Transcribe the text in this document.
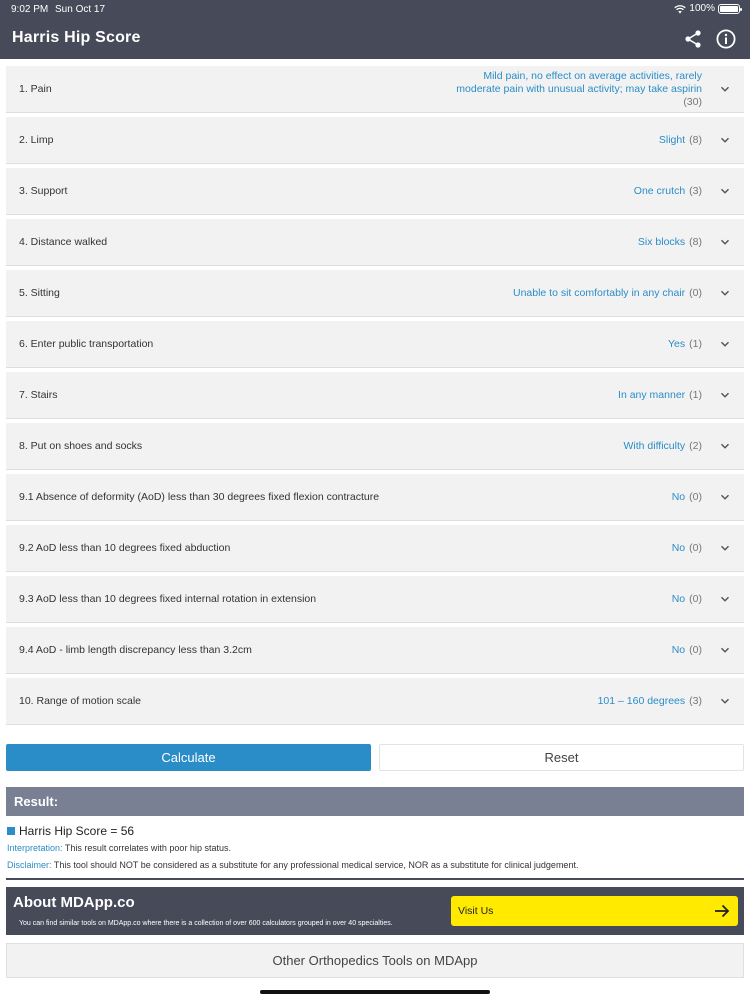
9:02 PM Sun Oct 17	100%
Harris Hip Score
1. Pain
Mild pain, no effect on average activities, rarely
moderate pain with unusual activity; may take aspirin
(30)
2. Limp	Slight (8)
3. Support	One crutch (3)
4. Distance walked	Six blocks (8)
5. Sitting	Unable to sit comfortably in any chair (0)
6. Enter public transportation	Yes (1)
7. Stairs	In any manner (1)
8. Put on shoes and socks	With difficulty (2)
9.1 Absence of deformity (AoD) less than 30 degrees fixed flexion contracture	No (0)
9.2 AoD less than 10 degrees fixed abduction	No (0)
9.3 AoD less than 10 degrees fixed internal rotation in extension	No (0)
9.4 AoD - limb length discrepancy less than 3.2cm	No (0)
10. Range of motion scale	101 – 160 degrees (3)
Calculate	Reset
Result:
Harris Hip Score = 56
Interpretation: This result correlates with poor hip status.
Disclaimer: This tool should NOT be considered as a substitute for any professional medical service, NOR as a substitute for clinical judgement.
About MDApp.co
You can find similar tools on MDApp.co where there is a collection of over 600 calculators grouped in over 40 specialties.
Visit Us
Other Orthopedics Tools on MDApp
